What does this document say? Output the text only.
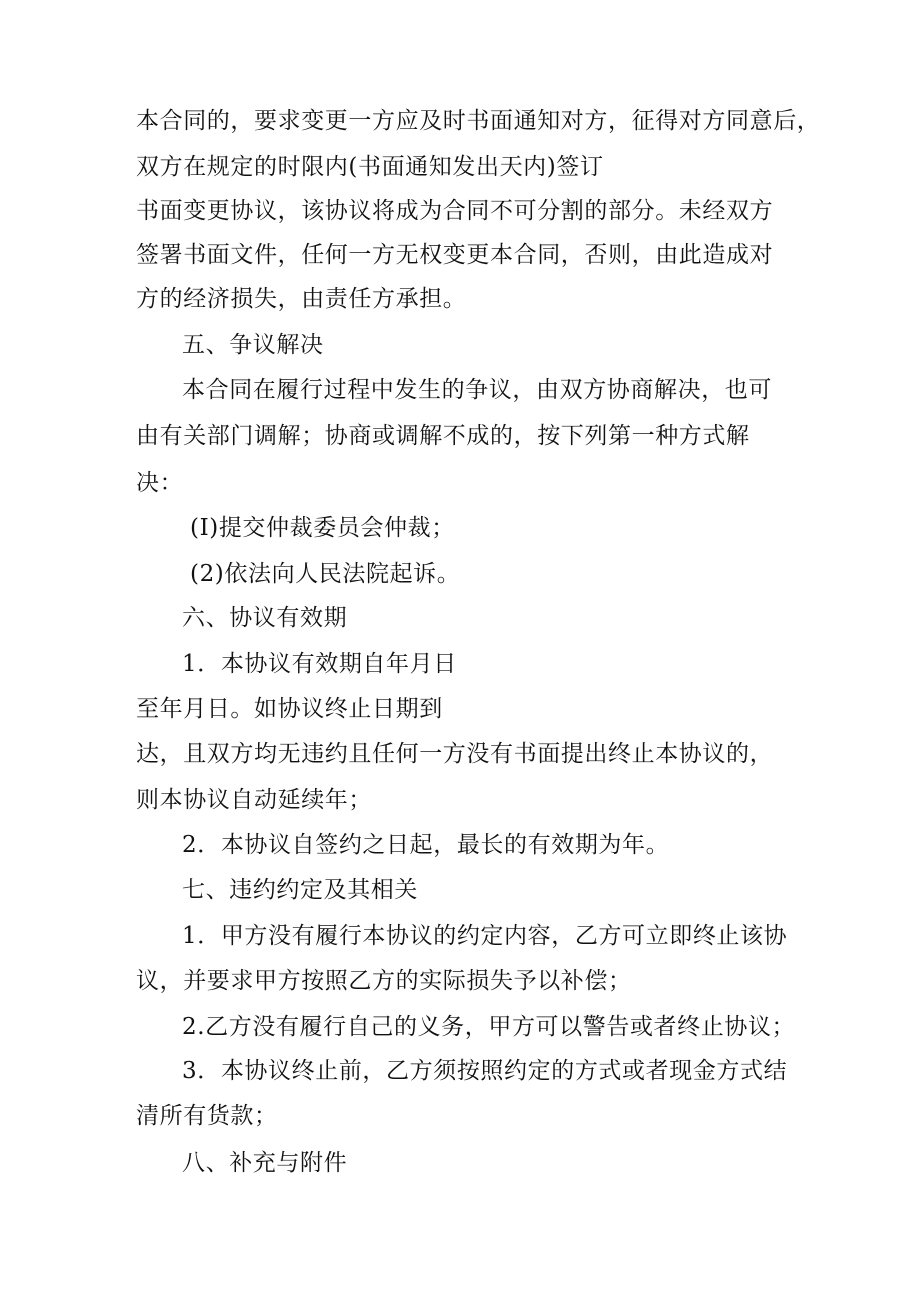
本合同的，要求变更一方应及时书面通知对方，征得对方同意后，
双方在规定的时限内(书面通知发出天内)签订
书面变更协议，该协议将成为合同不可分割的部分。未经双方
签署书面文件，任何一方无权变更本合同，否则，由此造成对
方的经济损失，由责任方承担。
五、争议解决
本合同在履行过程中发生的争议，由双方协商解决，也可
由有关部门调解；协商或调解不成的，按下列第一种方式解
决：
(I)提交仲裁委员会仲裁；
(2)依法向人民法院起诉。
六、协议有效期
1．本协议有效期自年月日
至年月日。如协议终止日期到
达，且双方均无违约且任何一方没有书面提出终止本协议的，
则本协议自动延续年；
2．本协议自签约之日起，最长的有效期为年。
七、违约约定及其相关
1．甲方没有履行本协议的约定内容，乙方可立即终止该协
议，并要求甲方按照乙方的实际损失予以补偿；
2.乙方没有履行自己的义务，甲方可以警告或者终止协议；
3．本协议终止前，乙方须按照约定的方式或者现金方式结
清所有货款；
八、补充与附件
